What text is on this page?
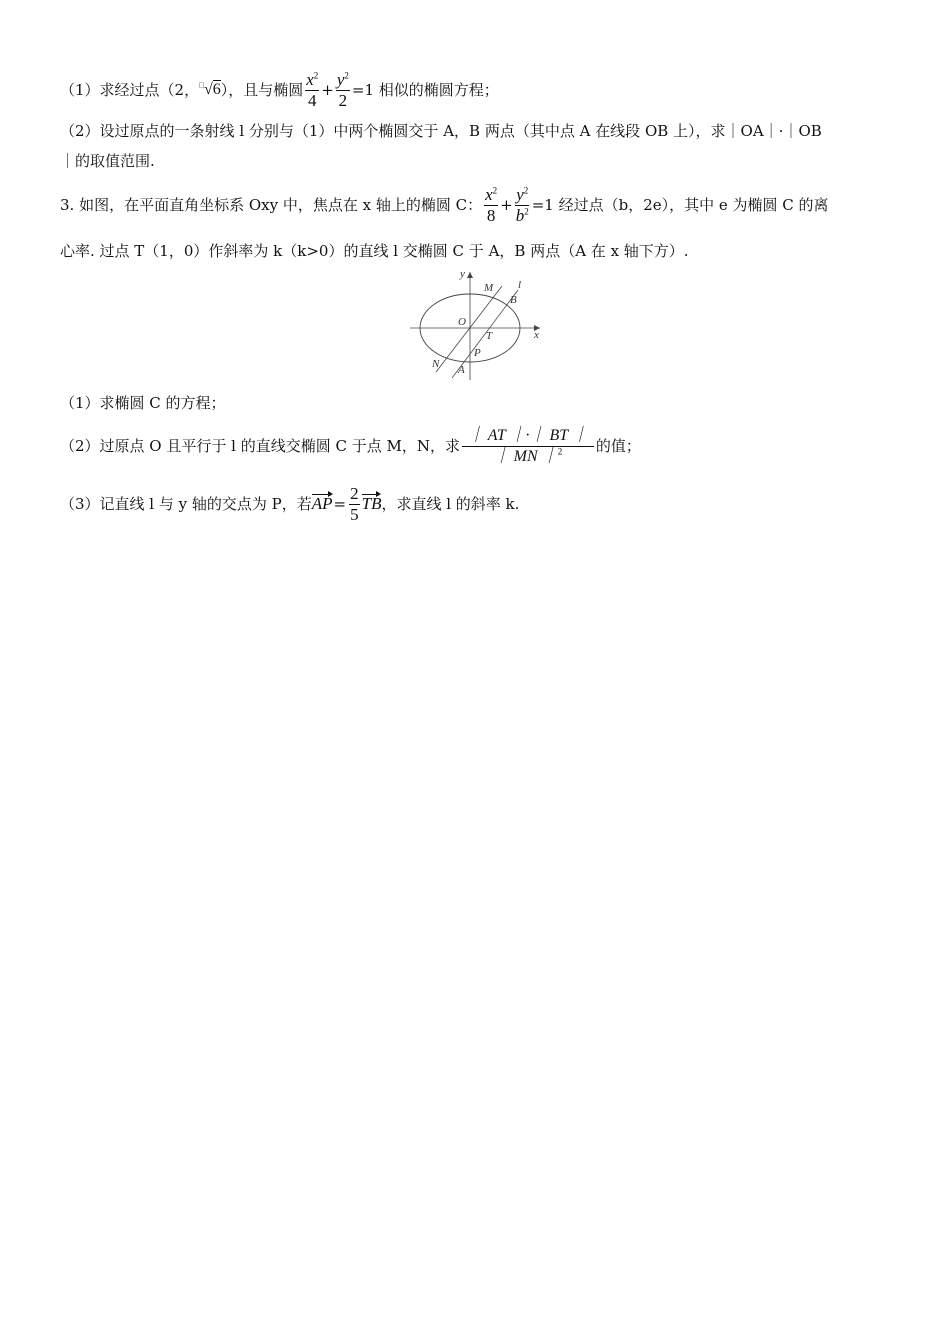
（1）求经过点（2， □√6 ），且与椭圆 $\frac{x^2}{4} + \frac{y^2}{2} =1$ 相似的椭圆方程；
（2）设过原点的一条射线 l 分别与（1）中两个椭圆交于 A，B 两点（其中点 A 在线段 OB 上），求｜OA｜·｜OB
｜的取值范围.
3. 如图，在平面直角坐标系 Oxy 中，焦点在 x 轴上的椭圆 C： $\frac{x^2}{8} + \frac{y^2}{b^2} =1$ 经过点（b，2e），其中 e 为椭圆 C 的离
心率. 过点 T（1，0）作斜率为 k（k>0）的直线 l 交椭圆 C 于 A，B 两点（A 在 x 轴下方）.
y
x
M l
B
O
T
P
N A
（1）求椭圆 C 的方程；
（2）过原点 O 且平行于 l 的直线交椭圆 C 于点 M，N，求 $\frac{| AT |\cdot| BT |}{| MN |^2}$ 的值；
（3）记直线 l 与 y 轴的交点为 P，若 AP = $\frac{2}{5}$ TB ，求直线 l 的斜率 k.
